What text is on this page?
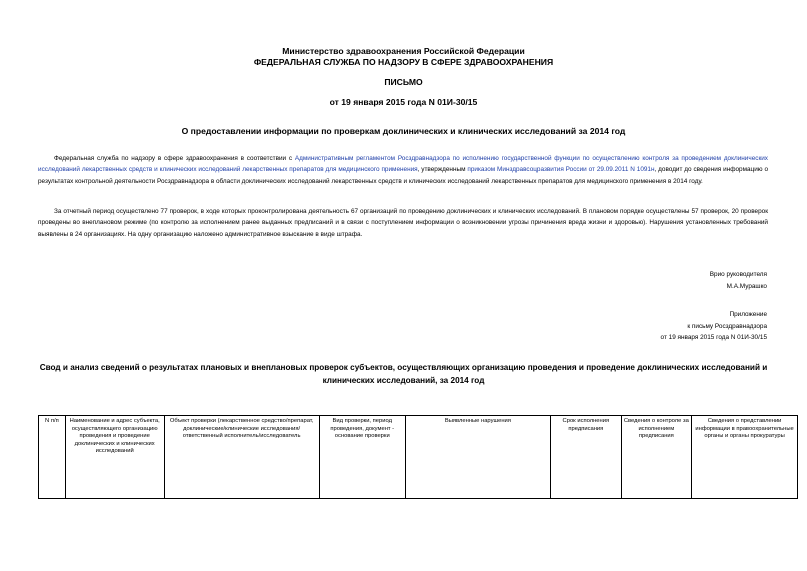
Министерство здравоохранения Российской Федерации
ФЕДЕРАЛЬНАЯ СЛУЖБА ПО НАДЗОРУ В СФЕРЕ ЗДРАВООХРАНЕНИЯ
ПИСЬМО
от 19 января 2015 года N 01И-30/15
О предоставлении информации по проверкам доклинических и клинических исследований за 2014 год
Федеральная служба по надзору в сфере здравоохранения в соответствии с Административным регламентом Росздравнадзора по исполнению государственной функции по осуществлению контроля за проведением доклинических исследований лекарственных средств и клинических исследований лекарственных препаратов для медицинского применения, утвержденным приказом Минздравсоцразвития России от 29.09.2011 N 1091н, доводит до сведения информацию о результатах контрольной деятельности Росздравнадзора в области доклинических исследований лекарственных средств и клинических исследований лекарственных препаратов для медицинского применения в 2014 году.
За отчетный период осуществлено 77 проверок, в ходе которых проконтролирована деятельность 67 организаций по проведению доклинических и клинических исследований. В плановом порядке осуществлены 57 проверок, 20 проверок проведены во внеплановом режиме (по контролю за исполнением ранее выданных предписаний и в связи с поступлением информации о возникновении угрозы причинения вреда жизни и здоровью). Нарушения установленных требований выявлены в 24 организациях. На одну организацию наложено административное взыскание в виде штрафа.
Врио руководителя
М.А.Мурашко
Приложение
к письму Росздравнадзора
от 19 января 2015 года N 01И-30/15
Свод и анализ сведений о результатах плановых и внеплановых проверок субъектов, осуществляющих организацию проведения и проведение доклинических исследований и клинических исследований, за 2014 год
N п/п	Наименование и адрес субъекта, осуществляющего организацию проведения и проведение доклинических и клинических исследований	Объект проверки (лекарственное средство/препарат, доклинические/клинические исследования/ответственный исполнитель/исследователь	Вид проверки, период проведения, документ - основание проверки	Выявленные нарушения	Срок исполнения предписания	Сведения о контроле за исполнением предписания	Сведения о представлении информации в правоохранительные органы и органы прокуратуры
